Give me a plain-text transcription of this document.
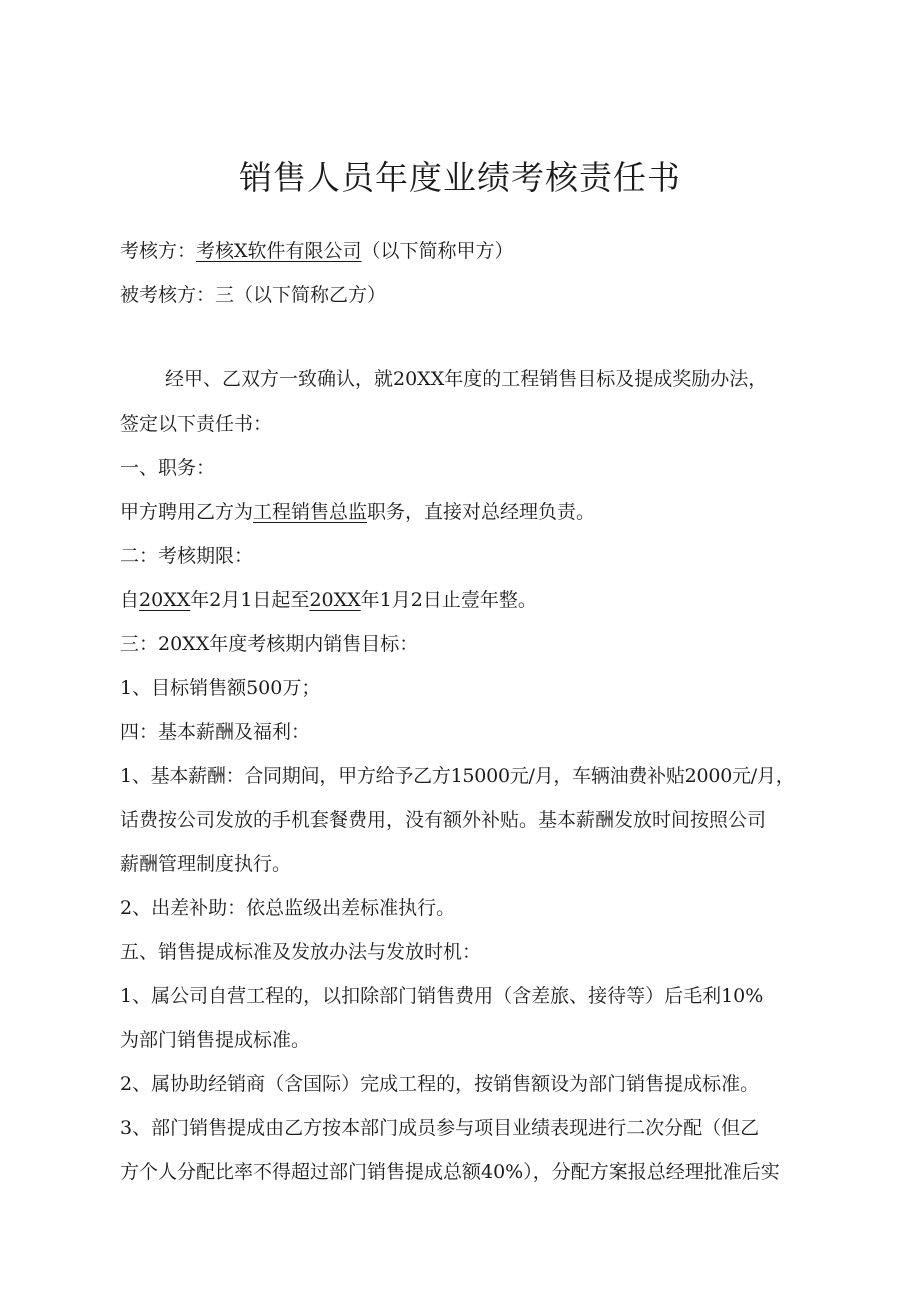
销售人员年度业绩考核责任书
考核方：考核X软件有限公司（以下简称甲方）
被考核方：三（以下简称乙方）
经甲、乙双方一致确认，就20XX年度的工程销售目标及提成奖励办法，
签定以下责任书：
一、职务：
甲方聘用乙方为工程销售总监职务，直接对总经理负责。
二：考核期限：
自20XX年2月1日起至20XX年1月2日止壹年整。
三：20XX年度考核期内销售目标：
1、目标销售额500万；
四：基本薪酬及福利：
1、基本薪酬：合同期间，甲方给予乙方15000元/月，车辆油费补贴2000元/月，
话费按公司发放的手机套餐费用，没有额外补贴。基本薪酬发放时间按照公司
薪酬管理制度执行。
2、出差补助：依总监级出差标准执行。
五、销售提成标准及发放办法与发放时机：
1、属公司自营工程的，以扣除部门销售费用（含差旅、接待等）后毛利10%
为部门销售提成标准。
2、属协助经销商（含国际）完成工程的，按销售额设为部门销售提成标准。
3、部门销售提成由乙方按本部门成员参与项目业绩表现进行二次分配（但乙
方个人分配比率不得超过部门销售提成总额40%），分配方案报总经理批准后实
